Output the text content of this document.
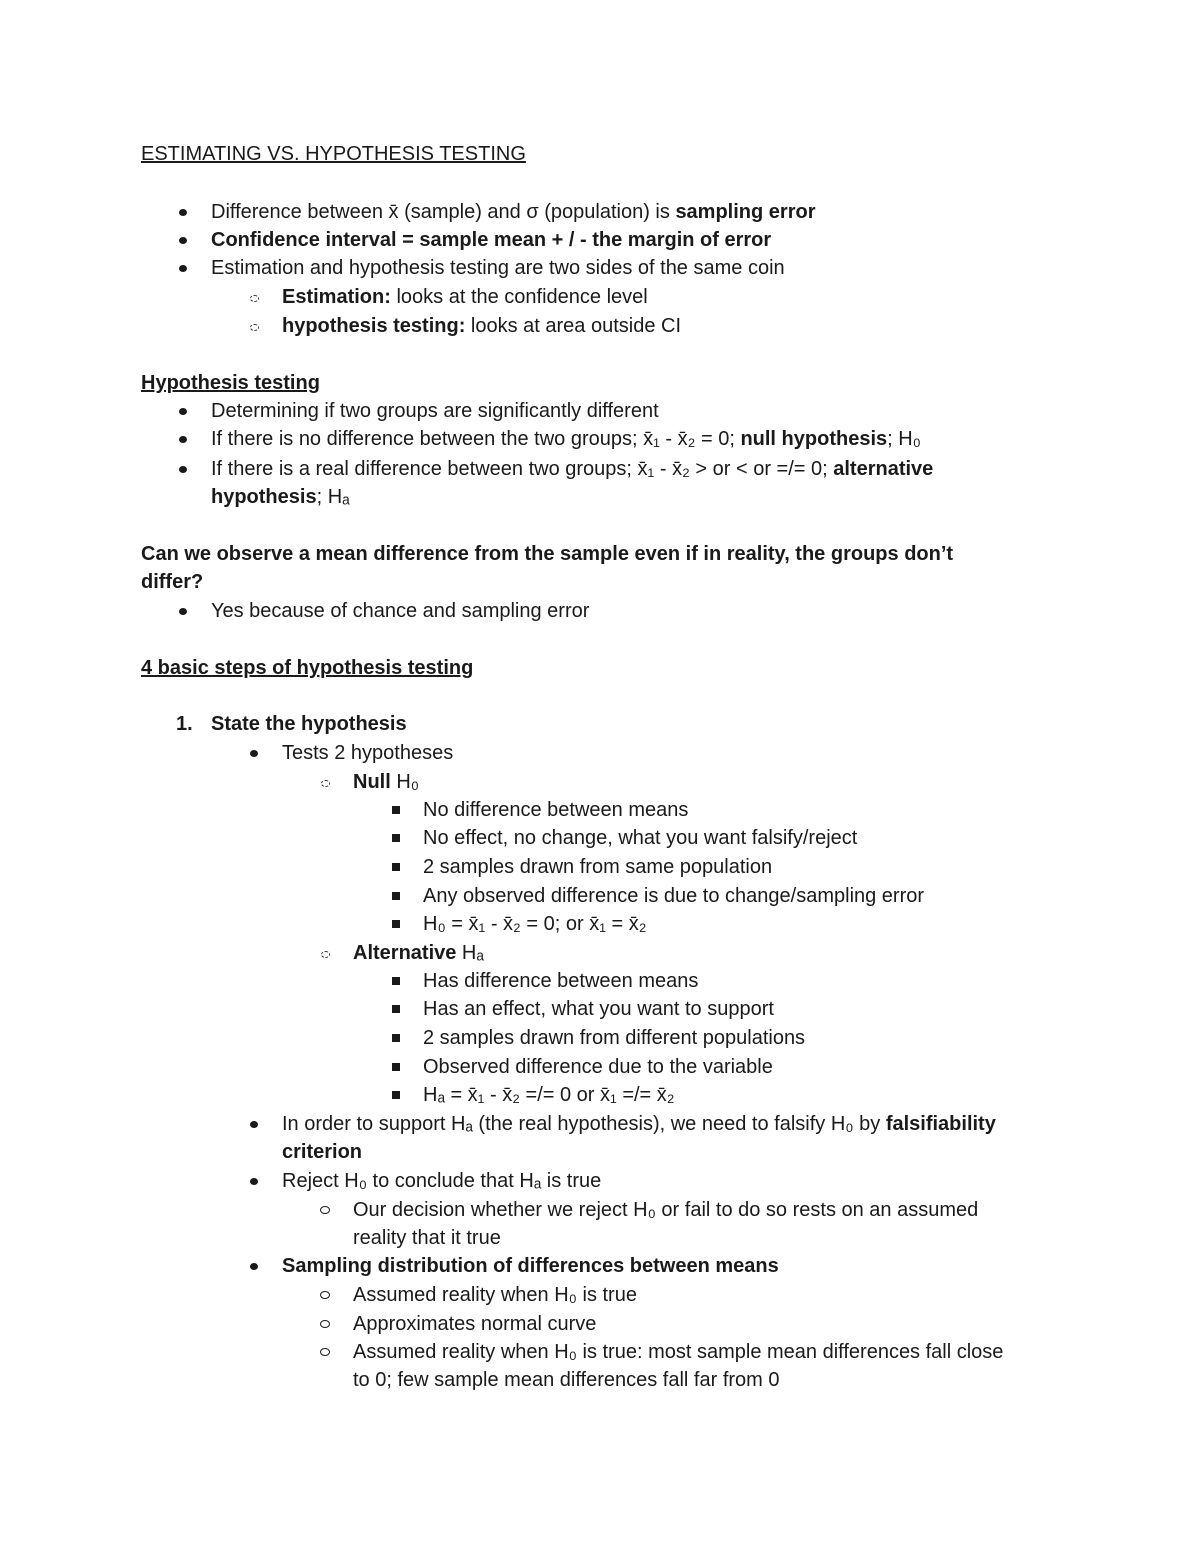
ESTIMATING VS. HYPOTHESIS TESTING
Difference between x̄ (sample) and σ (population) is sampling error
Confidence interval = sample mean + / - the margin of error
Estimation and hypothesis testing are two sides of the same coin
Estimation: looks at the confidence level
hypothesis testing: looks at area outside CI
Hypothesis testing
Determining if two groups are significantly different
If there is no difference between the two groups; x̄₁ - x̄₂ = 0; null hypothesis; H₀
If there is a real difference between two groups; x̄₁ - x̄₂ > or < or =/= 0; alternative
hypothesis; Hₐ
Can we observe a mean difference from the sample even if in reality, the groups don’t
differ?
Yes because of chance and sampling error
4 basic steps of hypothesis testing
1. State the hypothesis
Tests 2 hypotheses
Null H₀
No difference between means
No effect, no change, what you want falsify/reject
2 samples drawn from same population
Any observed difference is due to change/sampling error
H₀ = x̄₁ - x̄₂ = 0; or x̄₁ = x̄₂
Alternative Hₐ
Has difference between means
Has an effect, what you want to support
2 samples drawn from different populations
Observed difference due to the variable
Hₐ = x̄₁ - x̄₂ =/= 0 or x̄₁ =/= x̄₂
In order to support Hₐ (the real hypothesis), we need to falsify H₀ by falsifiability
criterion
Reject H₀ to conclude that Hₐ is true
Our decision whether we reject H₀ or fail to do so rests on an assumed
reality that it true
Sampling distribution of differences between means
Assumed reality when H₀ is true
Approximates normal curve
Assumed reality when H₀ is true: most sample mean differences fall close
to 0; few sample mean differences fall far from 0
